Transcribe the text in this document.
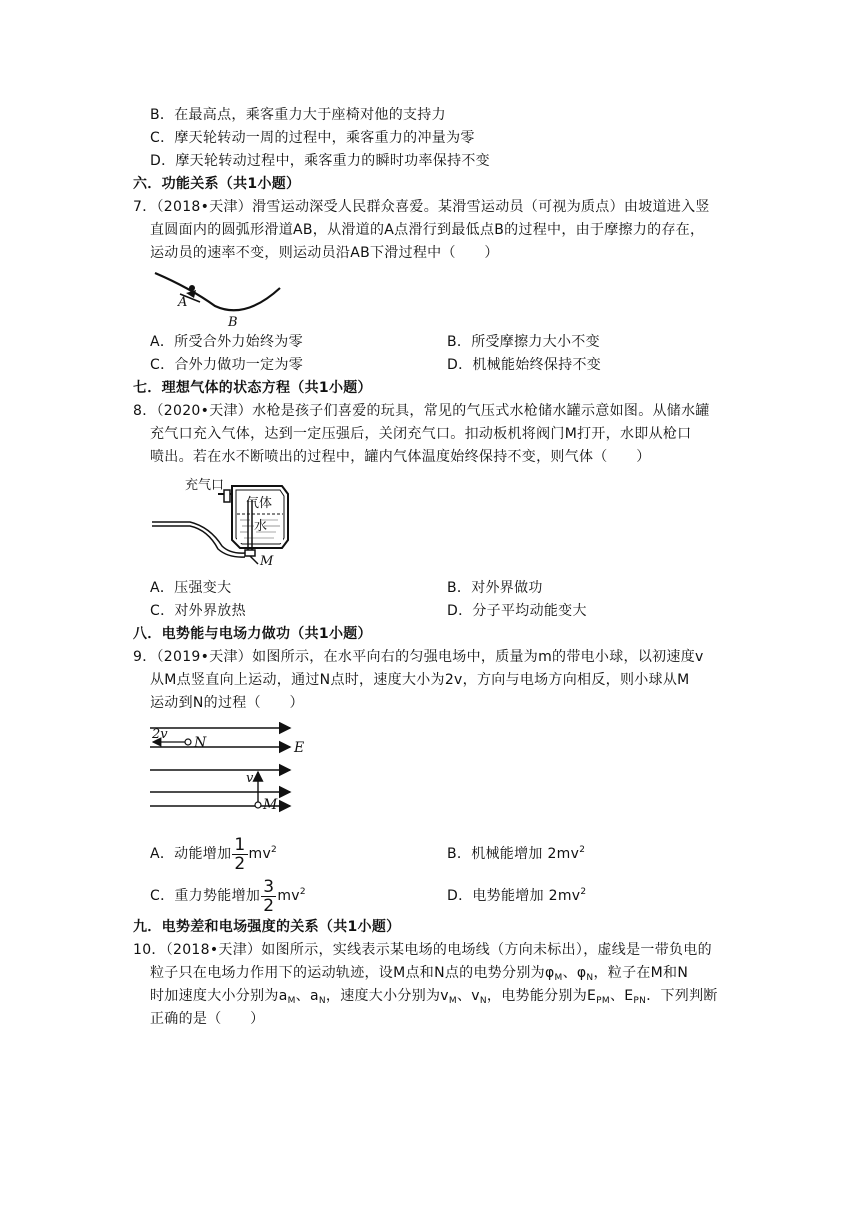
B．在最高点，乘客重力大于座椅对他的支持力
C．摩天轮转动一周的过程中，乘客重力的冲量为零
D．摩天轮转动过程中，乘客重力的瞬时功率保持不变
六．功能关系（共1小题）
7．（2018•天津）滑雪运动深受人民群众喜爱。某滑雪运动员（可视为质点）由坡道进入竖
直圆面内的圆弧形滑道AB，从滑道的A点滑行到最低点B的过程中，由于摩擦力的存在，
运动员的速率不变，则运动员沿AB下滑过程中（　　）
A
B
A．所受合外力始终为零	B．所受摩擦力大小不变
C．合外力做功一定为零	D．机械能始终保持不变
七．理想气体的状态方程（共1小题）
8．（2020•天津）水枪是孩子们喜爱的玩具，常见的气压式水枪储水罐示意如图。从储水罐
充气口充入气体，达到一定压强后，关闭充气口。扣动板机将阀门M打开，水即从枪口
喷出。若在水不断喷出的过程中，罐内气体温度始终保持不变，则气体（　　）
充气口
气体
水
M
A．压强变大	B．对外界做功
C．对外界放热	D．分子平均动能变大
八．电势能与电场力做功（共1小题）
9．（2019•天津）如图所示，在水平向右的匀强电场中，质量为m的带电小球，以初速度v
从M点竖直向上运动，通过N点时，速度大小为2v，方向与电场方向相反，则小球从M
运动到N的过程（　　）
E
2v
N
v
M
A．动能增加 $\frac{1}{2} mv^2$	B．机械能增加 $2mv^2$
C．重力势能增加 $\frac{3}{2} mv^2$	D．电势能增加 $2mv^2$
九．电势差和电场强度的关系（共1小题）
10．（2018•天津）如图所示，实线表示某电场的电场线（方向未标出），虚线是一带负电的
粒子只在电场力作用下的运动轨迹，设M点和N点的电势分别为$\varphi_M$、$\varphi_N$，粒子在M和N
时加速度大小分别为$a_M$、$a_N$，速度大小分别为$v_M$、$v_N$，电势能分别为$E_{PM}$、$E_{PN}$．下列判断
正确的是（　　）
